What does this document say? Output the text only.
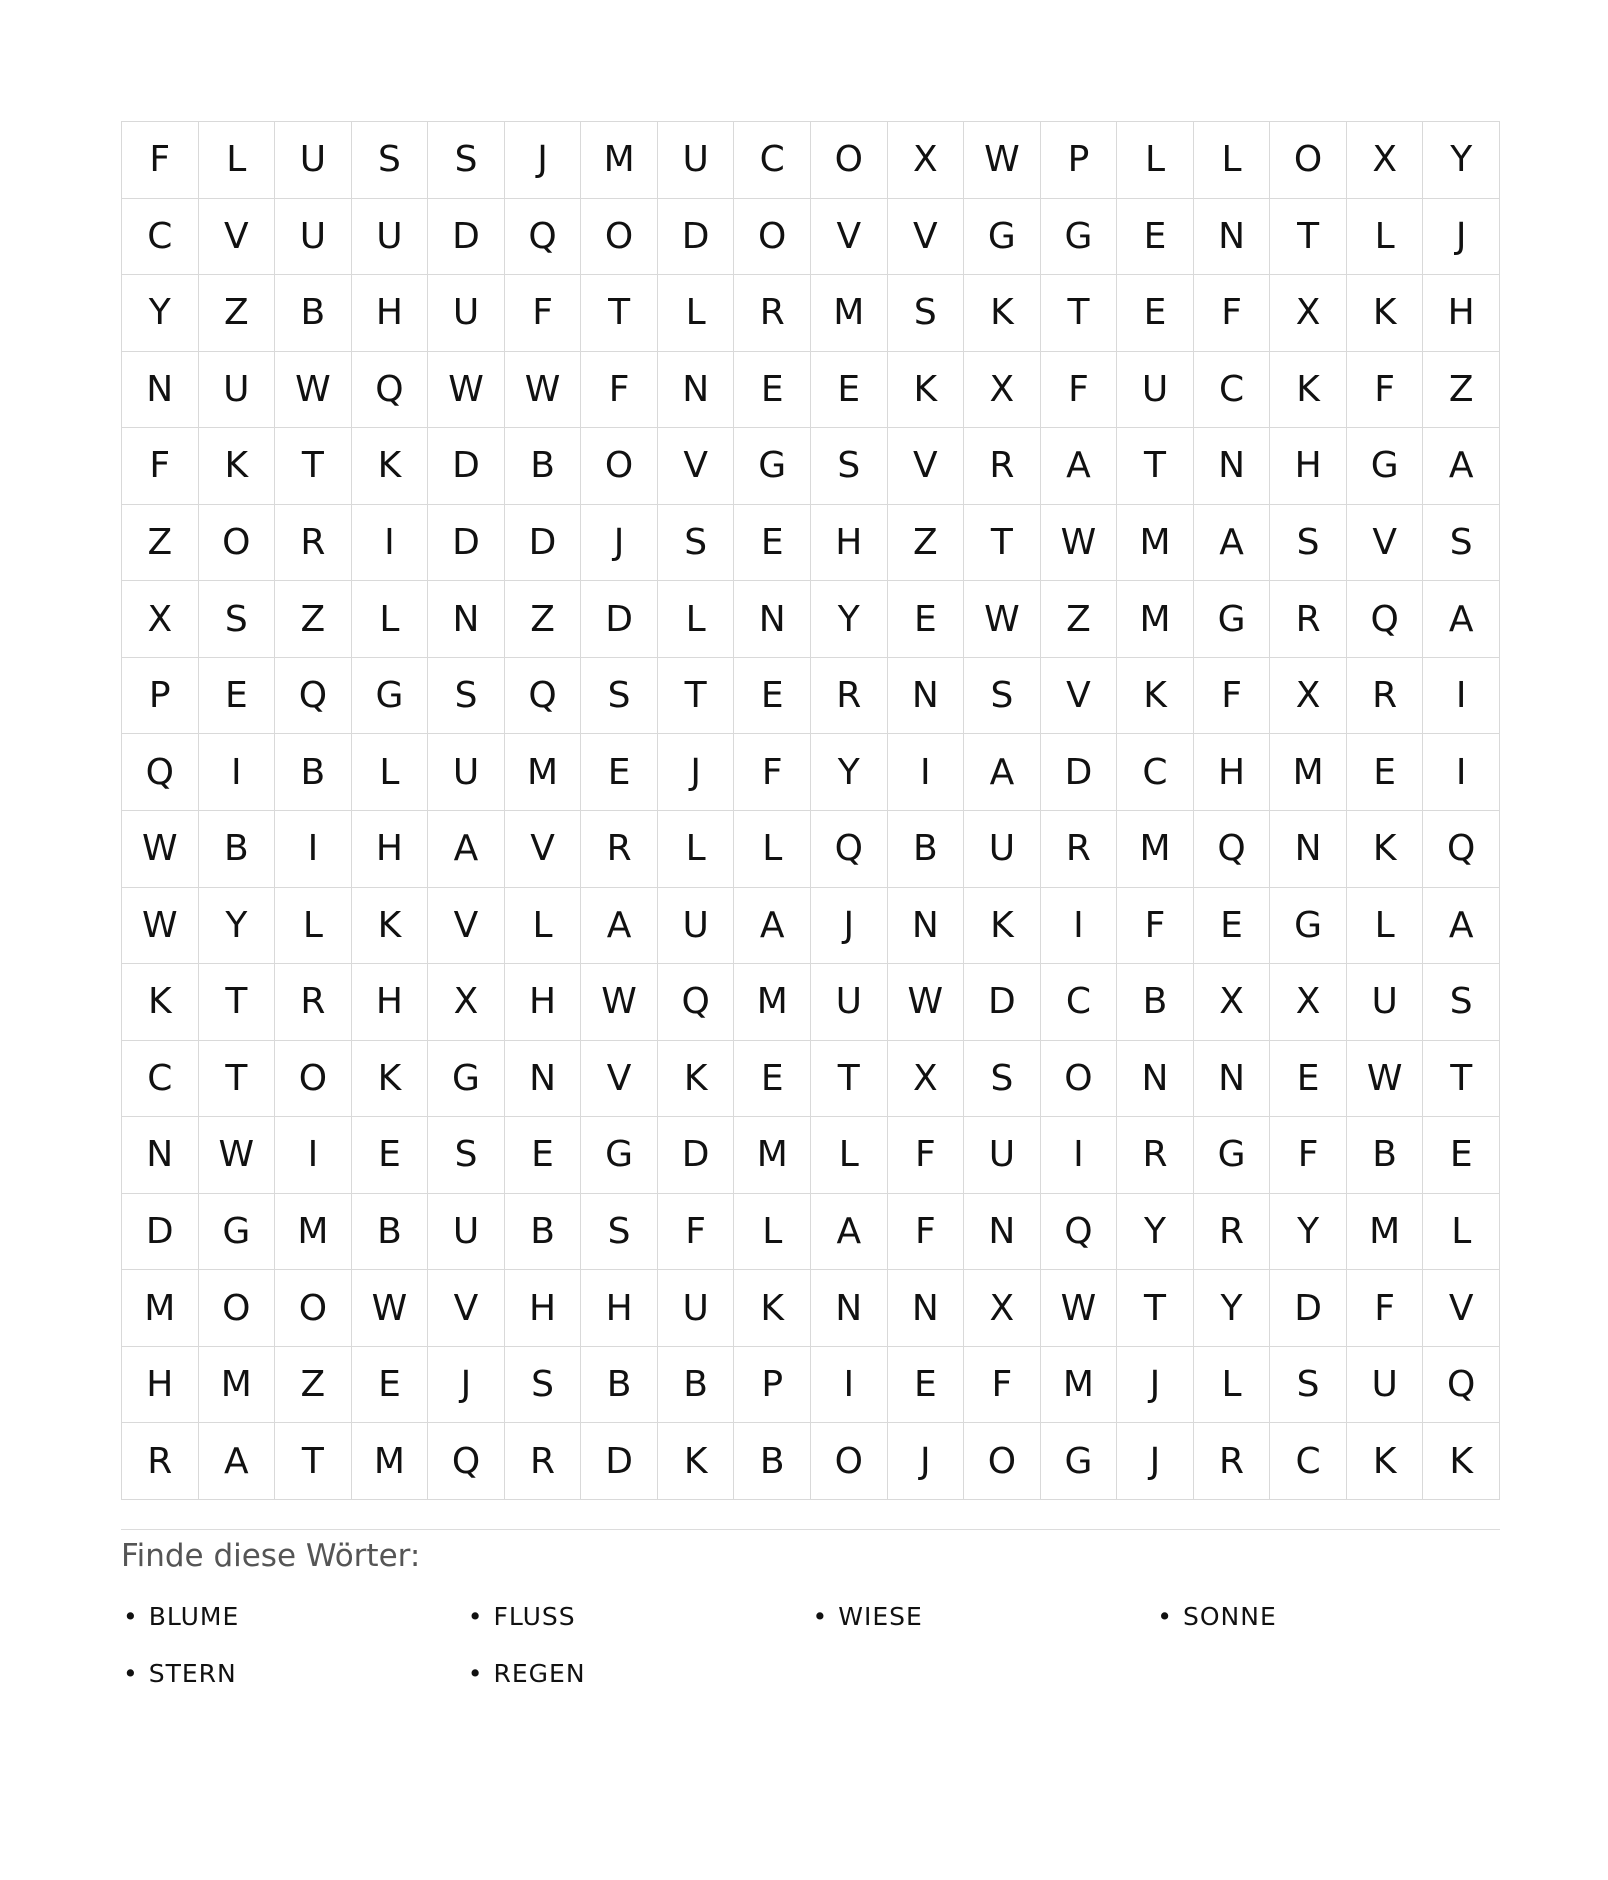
F	L	U	S	S	J	M	U	C	O	X	W	P	L	L	O	X	Y
C	V	U	U	D	Q	O	D	O	V	V	G	G	E	N	T	L	J
Y	Z	B	H	U	F	T	L	R	M	S	K	T	E	F	X	K	H
N	U	W	Q	W	W	F	N	E	E	K	X	F	U	C	K	F	Z
F	K	T	K	D	B	O	V	G	S	V	R	A	T	N	H	G	A
Z	O	R	I	D	D	J	S	E	H	Z	T	W	M	A	S	V	S
X	S	Z	L	N	Z	D	L	N	Y	E	W	Z	M	G	R	Q	A
P	E	Q	G	S	Q	S	T	E	R	N	S	V	K	F	X	R	I
Q	I	B	L	U	M	E	J	F	Y	I	A	D	C	H	M	E	I
W	B	I	H	A	V	R	L	L	Q	B	U	R	M	Q	N	K	Q
W	Y	L	K	V	L	A	U	A	J	N	K	I	F	E	G	L	A
K	T	R	H	X	H	W	Q	M	U	W	D	C	B	X	X	U	S
C	T	O	K	G	N	V	K	E	T	X	S	O	N	N	E	W	T
N	W	I	E	S	E	G	D	M	L	F	U	I	R	G	F	B	E
D	G	M	B	U	B	S	F	L	A	F	N	Q	Y	R	Y	M	L
M	O	O	W	V	H	H	U	K	N	N	X	W	T	Y	D	F	V
H	M	Z	E	J	S	B	B	P	I	E	F	M	J	L	S	U	Q
R	A	T	M	Q	R	D	K	B	O	J	O	G	J	R	C	K	K
Finde diese Wörter:
• BLUME	• FLUSS	• WIESE	• SONNE
• STERN	• REGEN
